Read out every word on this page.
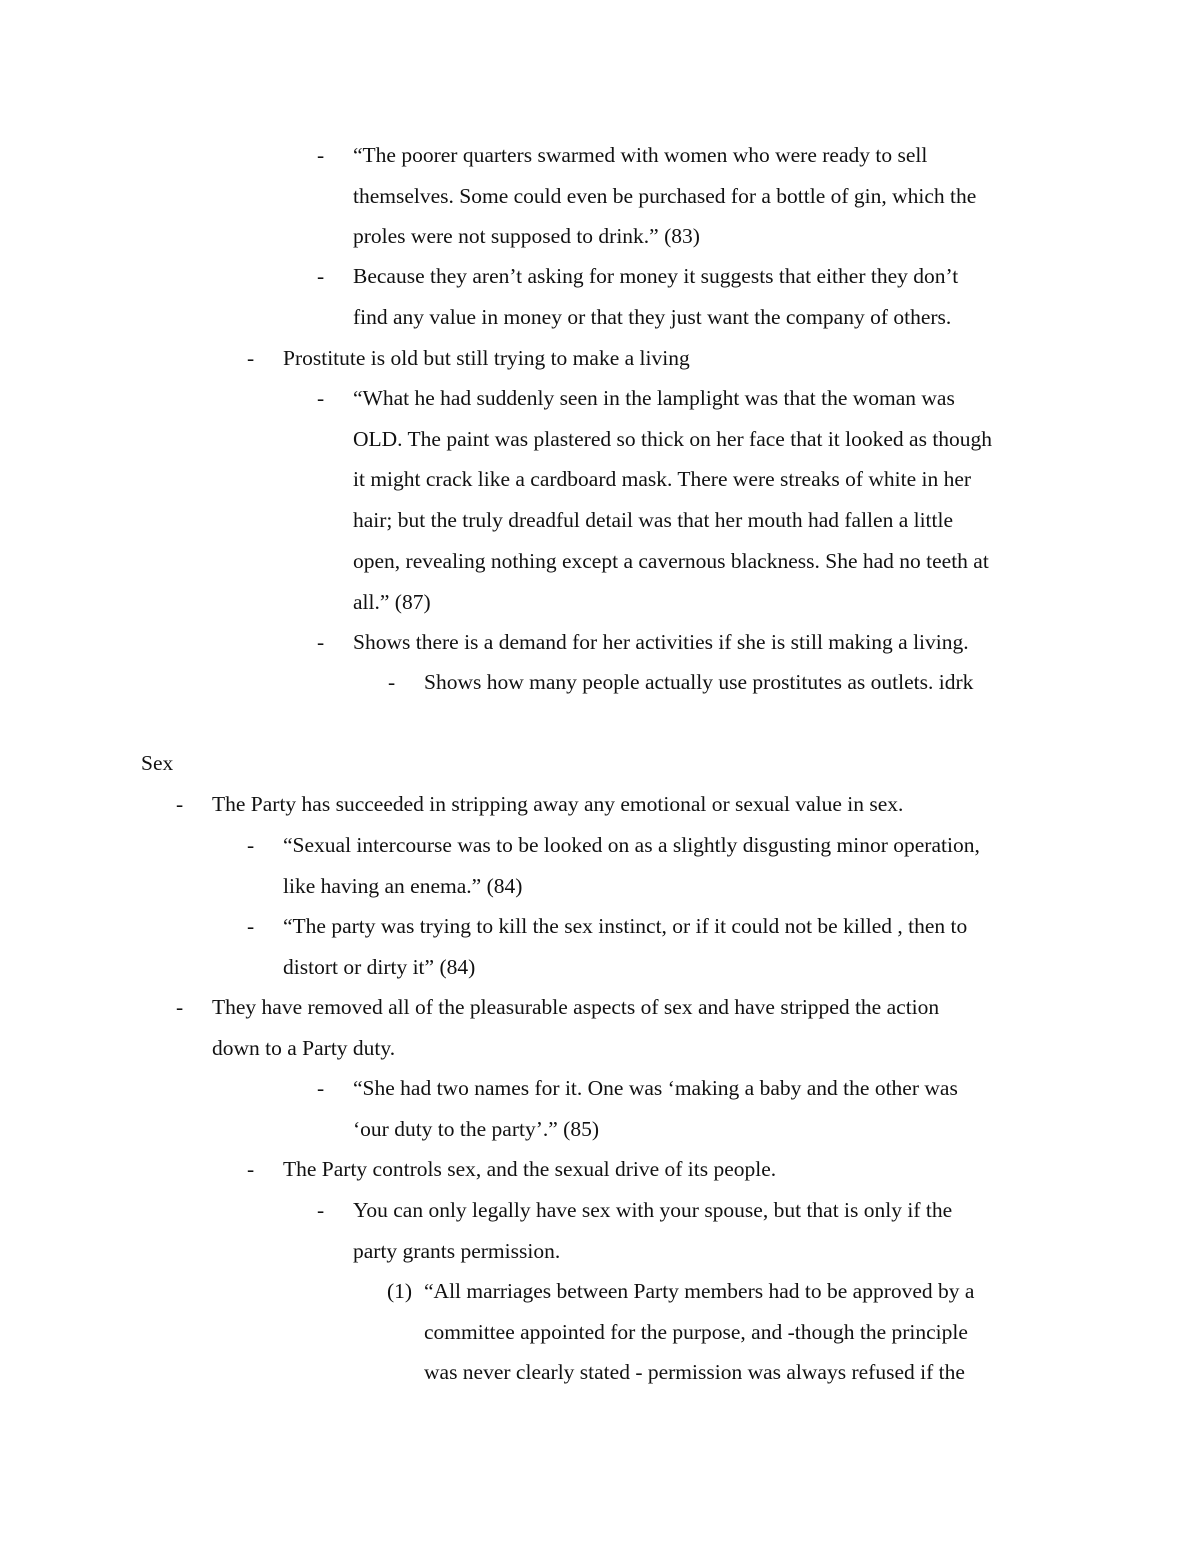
- “The poorer quarters swarmed with women who were ready to sell
themselves. Some could even be purchased for a bottle of gin, which the
proles were not supposed to drink.” (83)
- Because they aren’t asking for money it suggests that either they don’t
find any value in money or that they just want the company of others.
- Prostitute is old but still trying to make a living
- “What he had suddenly seen in the lamplight was that the woman was
OLD. The paint was plastered so thick on her face that it looked as though
it might crack like a cardboard mask. There were streaks of white in her
hair; but the truly dreadful detail was that her mouth had fallen a little
open, revealing nothing except a cavernous blackness. She had no teeth at
all.” (87)
- Shows there is a demand for her activities if she is still making a living.
- Shows how many people actually use prostitutes as outlets. idrk
Sex
- The Party has succeeded in stripping away any emotional or sexual value in sex.
- “Sexual intercourse was to be looked on as a slightly disgusting minor operation,
like having an enema.” (84)
- “The party was trying to kill the sex instinct, or if it could not be killed , then to
distort or dirty it” (84)
- They have removed all of the pleasurable aspects of sex and have stripped the action
down to a Party duty.
- “She had two names for it. One was ‘making a baby and the other was
‘our duty to the party’.” (85)
- The Party controls sex, and the sexual drive of its people.
- You can only legally have sex with your spouse, but that is only if the
party grants permission.
(1) “All marriages between Party members had to be approved by a
committee appointed for the purpose, and -though the principle
was never clearly stated - permission was always refused if the
